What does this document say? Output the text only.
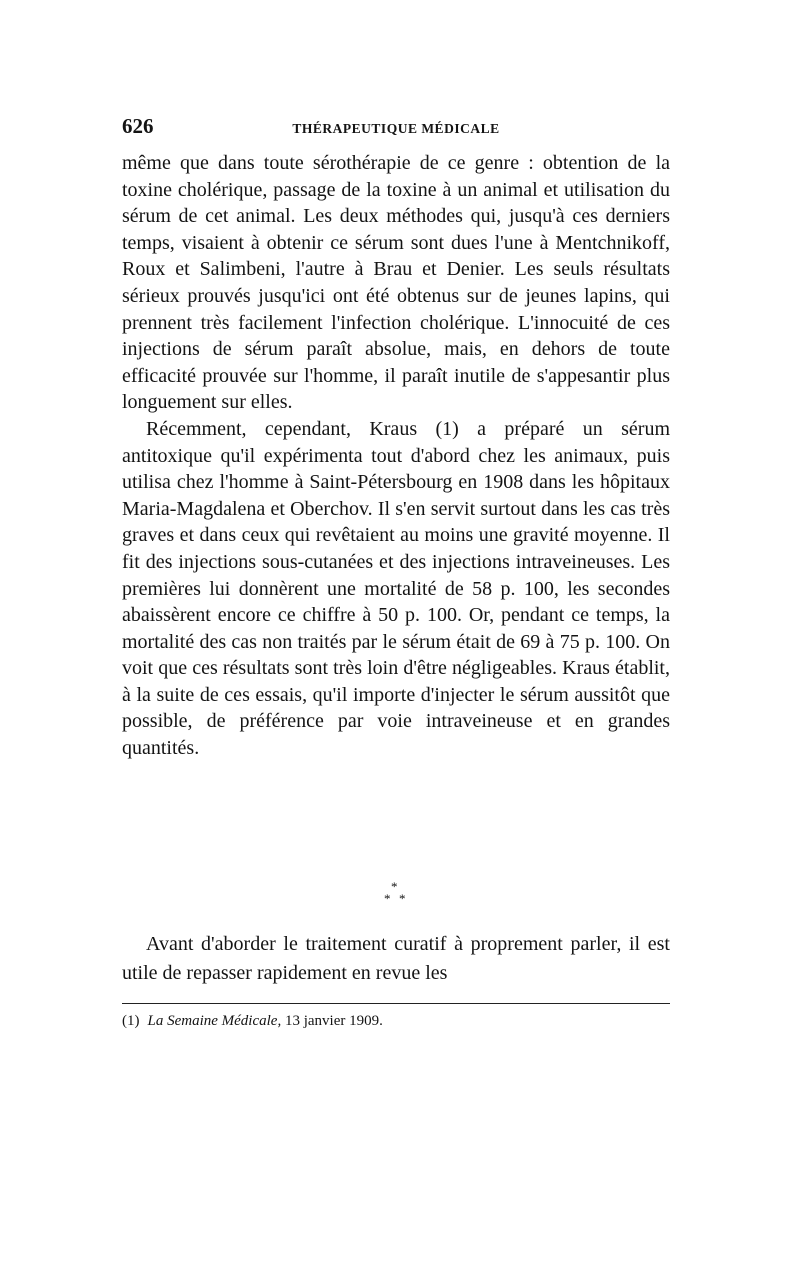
626	THÉRAPEUTIQUE MÉDICALE

même que dans toute sérothérapie de ce genre : obtention de la toxine cholérique, passage de la toxine à un animal et utilisation du sérum de cet animal. Les deux méthodes qui, jusqu'à ces derniers temps, visaient à obtenir ce sérum sont dues l'une à Mentchnikoff, Roux et Salimbeni, l'autre à Brau et Denier. Les seuls résultats sérieux prouvés jusqu'ici ont été obtenus sur de jeunes lapins, qui prennent très facilement l'infection cholérique. L'innocuité de ces injections de sérum paraît absolue, mais, en dehors de toute efficacité prouvée sur l'homme, il paraît inutile de s'appesantir plus longuement sur elles.

Récemment, cependant, Kraus (1) a préparé un sérum antitoxique qu'il expérimenta tout d'abord chez les animaux, puis utilisa chez l'homme à Saint-Pétersbourg en 1908 dans les hôpitaux Maria-Magdalena et Oberchov. Il s'en servit surtout dans les cas très graves et dans ceux qui revêtaient au moins une gravité moyenne. Il fit des injections sous-cutanées et des injections intraveineuses. Les premières lui donnèrent une mortalité de 58 p. 100, les secondes abaissèrent encore ce chiffre à 50 p. 100. Or, pendant ce temps, la mortalité des cas non traités par le sérum était de 69 à 75 p. 100. On voit que ces résultats sont très loin d'être négligeables. Kraus établit, à la suite de ces essais, qu'il importe d'injecter le sérum aussitôt que possible, de préférence par voie intraveineuse et en grandes quantités.

*
* *

Avant d'aborder le traitement curatif à proprement parler, il est utile de repasser rapidement en revue les

(1) La Semaine Médicale, 13 janvier 1909.
